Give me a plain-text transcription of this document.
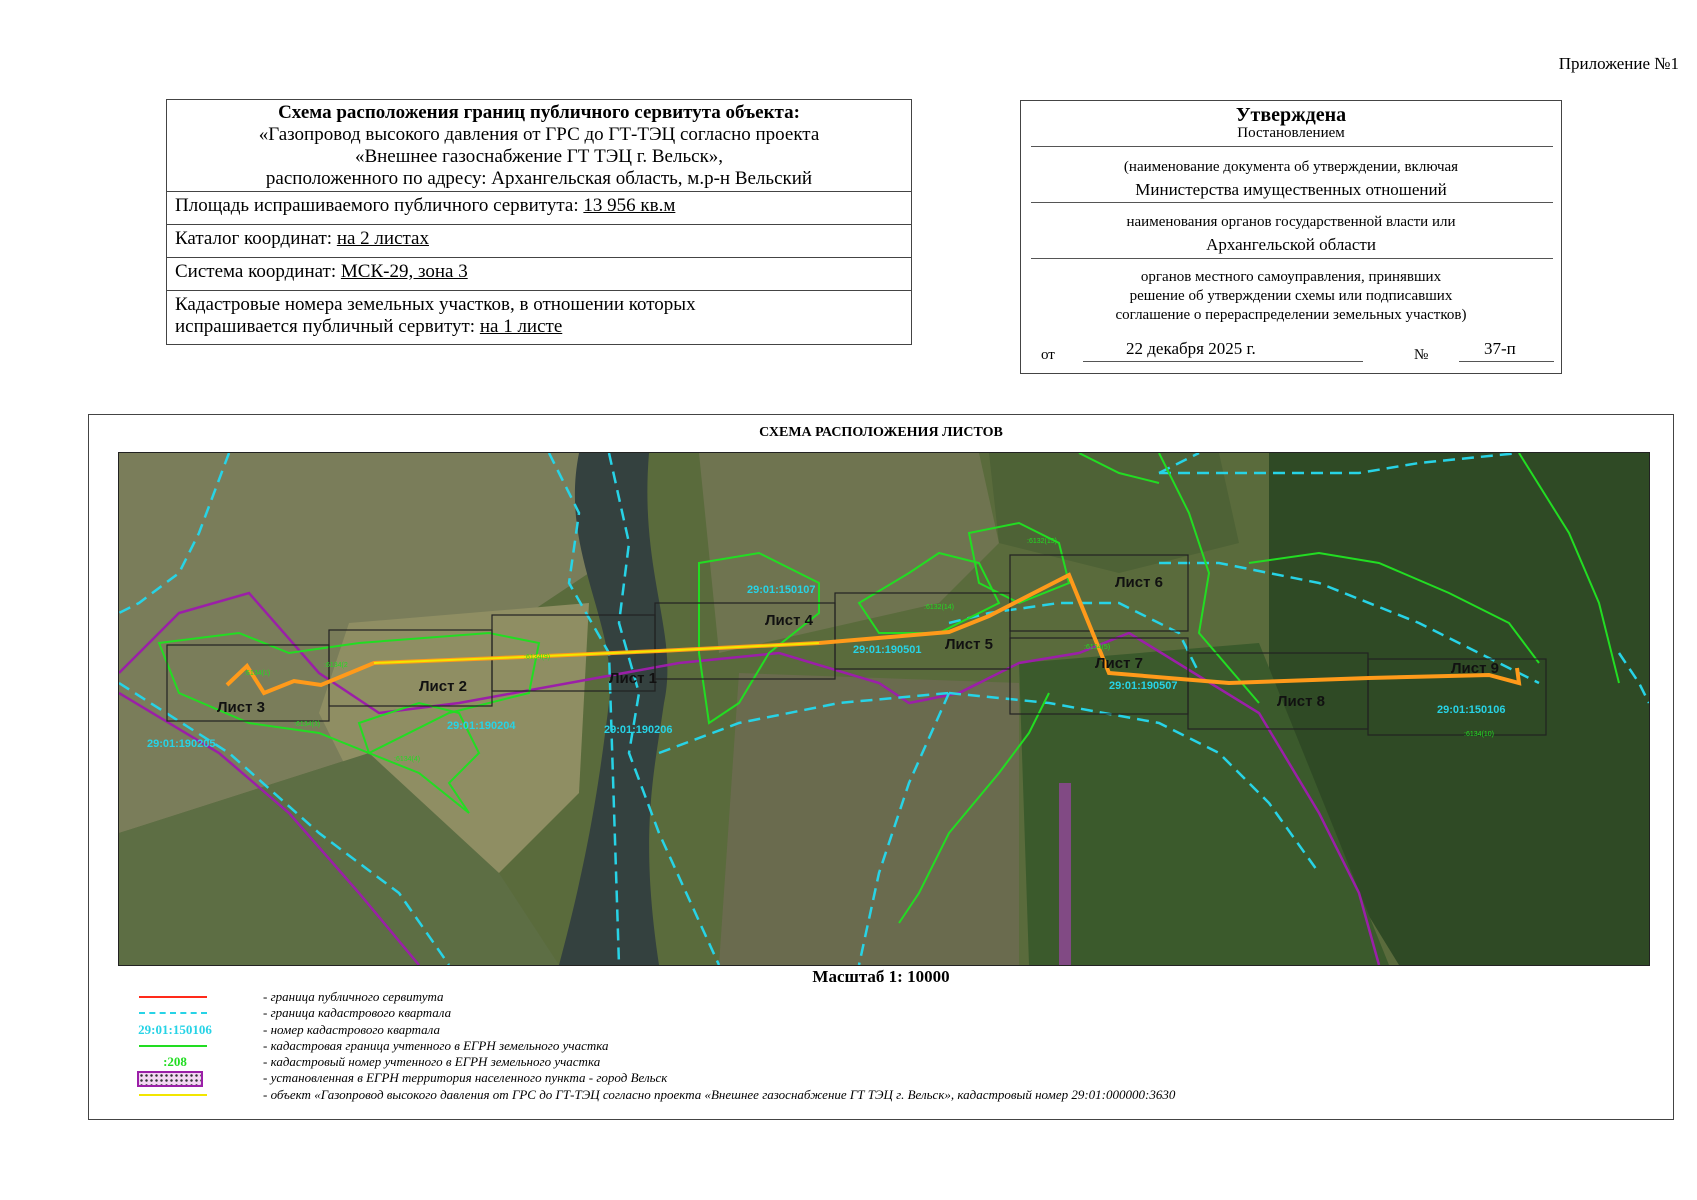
Приложение №1
Схема расположения границ публичного сервитута объекта:
«Газопровод высокого давления от ГРС до ГТ-ТЭЦ согласно проекта
«Внешнее газоснабжение ГТ ТЭЦ г. Вельск»,
расположенного по адресу: Архангельская область, м.р-н Вельский
Площадь испрашиваемого публичного сервитута: 13 956 кв.м
Каталог координат: на 2 листах
Система координат: МСК-29, зона 3
Кадастровые номера земельных участков, в отношении которых
испрашивается публичный сервитут: на 1 листе
Утверждена
Постановлением
(наименование документа об утверждении, включая
Министерства имущественных отношений
наименования органов государственной власти или
Архангельской области
органов местного самоуправления, принявших
решение об утверждении схемы или подписавших
соглашение о перераспределении земельных участков)
от	22 декабря 2025 г.	№	37-п
СХЕМА РАСПОЛОЖЕНИЯ ЛИСТОВ
Лист 3
Лист 2	Лист 1
Лист 4
Лист 5
Лист 6
Лист 7
Лист 8
Лист 9
29:01:150107
29:01:190501
29:01:190204	29:01:190206
29:01:190205
29:01:190507
29:01:150106
:6134(1)
:6134(2
:6134(3)
:6134(4)
:6132(14)
:6132(15)
:6134(5)
:6134(10)
:6134(9)
Масштаб 1: 10000
- граница публичного сервитута
- граница кадастрового квартала
29:01:150106	- номер кадастрового квартала
- кадастровая граница учтенного в ЕГРН земельного участка
:208	- кадастровый номер учтенного в ЕГРН земельного участка
- установленная в ЕГРН территория населенного пункта - город Вельск
- объект «Газопровод высокого давления от ГРС до ГТ-ТЭЦ согласно проекта «Внешнее газоснабжение ГТ ТЭЦ г. Вельск», кадастровый номер 29:01:000000:3630
